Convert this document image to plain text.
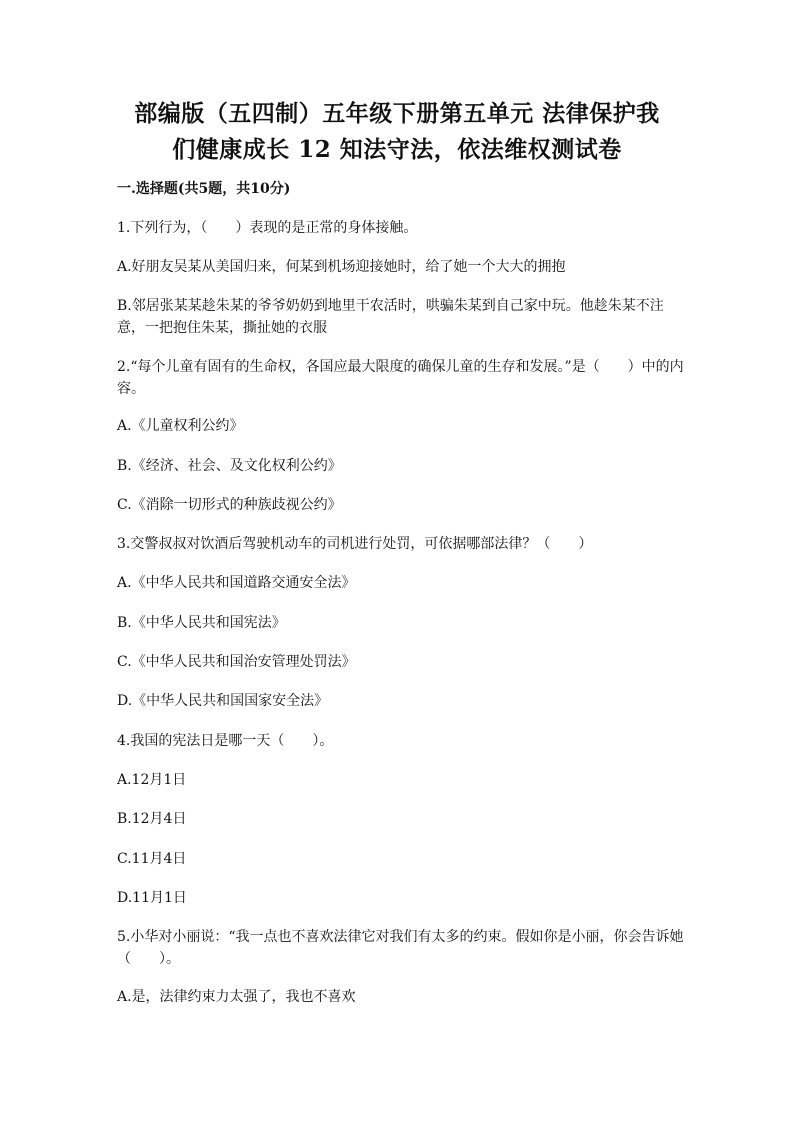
部编版（五四制）五年级下册第五单元 法律保护我
们健康成长 12 知法守法，依法维权测试卷
一.选择题(共5题，共10分)
1.下列行为，（　　）表现的是正常的身体接触。
A.好朋友吴某从美国归来，何某到机场迎接她时，给了她一个大大的拥抱
B.邻居张某某趁朱某的爷爷奶奶到地里干农活时，哄骗朱某到自己家中玩。他趁朱某不注意，一把抱住朱某，撕扯她的衣服
2.“每个儿童有固有的生命权，各国应最大限度的确保儿童的生存和发展。”是（　　）中的内容。
A.《儿童权利公约》
B.《经济、社会、及文化权利公约》
C.《消除一切形式的种族歧视公约》
3.交警叔叔对饮酒后驾驶机动车的司机进行处罚，可依据哪部法律？（　　）
A.《中华人民共和国道路交通安全法》
B.《中华人民共和国宪法》
C.《中华人民共和国治安管理处罚法》
D.《中华人民共和国国家安全法》
4.我国的宪法日是哪一天（　　）。
A.12月1日
B.12月4日
C.11月4日
D.11月1日
5.小华对小丽说：“我一点也不喜欢法律它对我们有太多的约束。假如你是小丽，你会告诉她（　　）。
A.是，法律约束力太强了，我也不喜欢
